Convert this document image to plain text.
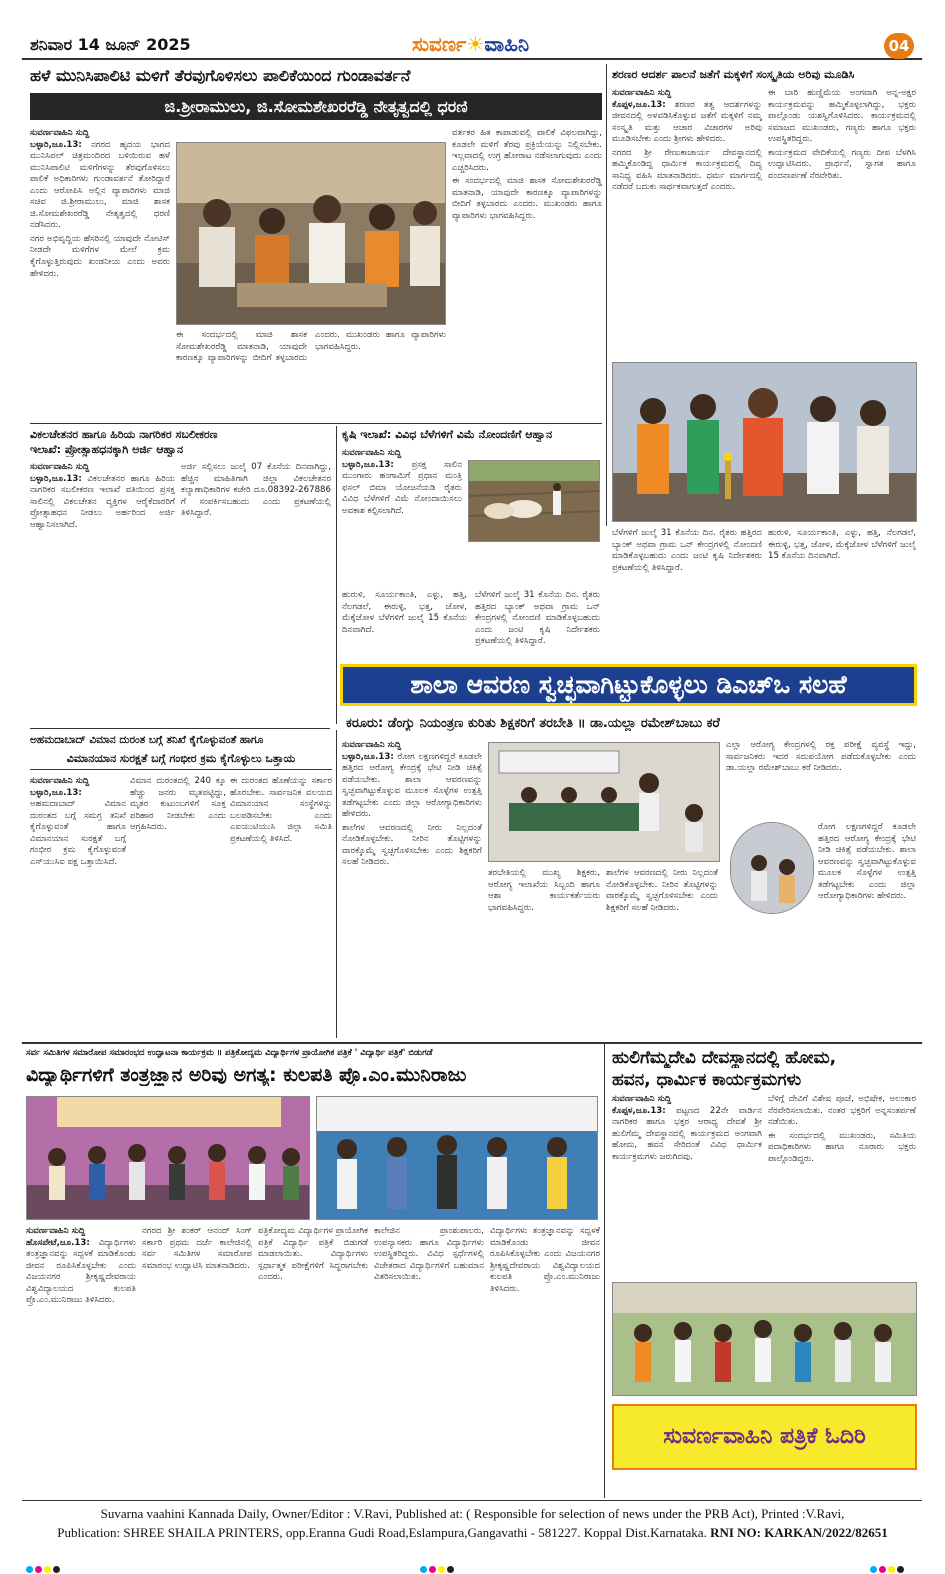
ಶನಿವಾರ 14 ಜೂನ್ 2025	ಸುವರ್ಣ☀ವಾಹಿನಿ	04
ಹಳೆ ಮುನಿಸಿಪಾಲಿಟಿ ಮಳಿಗೆ ತೆರವುಗೊಳಿಸಲು ಪಾಲಿಕೆಯಿಂದ ಗುಂಡಾವರ್ತನೆ
ಜಿ.ಶ್ರೀರಾಮುಲು, ಜಿ.ಸೋಮಶೇಖರರೆಡ್ಡಿ ನೇತೃತ್ವದಲ್ಲಿ ಧರಣಿ

ಸುವರ್ಣವಾಹಿನಿ ಸುದ್ದಿ
ಬಳ್ಳಾರಿ,ಜೂ.13: ನಗರದ ಹೃದಯ ಭಾಗದ ಮುನಿಸಿಪಲ್ ಚಿತ್ರಮಂದಿರದ ಬಳಿಯಿರುವ ಹಳೆ ಮುನಿಸಿಪಾಲಿಟಿ ಮಳಿಗೆಗಳನ್ನು ತೆರವುಗೊಳಿಸಲು ಪಾಲಿಕೆ ಅಧಿಕಾರಿಗಳು ಗುಂಡಾವರ್ತನೆ ತೋರಿದ್ದಾರೆ ಎಂದು ಆರೋಪಿಸಿ ಅಲ್ಲಿನ ವ್ಯಾಪಾರಿಗಳು ಮಾಜಿ ಸಚಿವ ಜಿ.ಶ್ರೀರಾಮುಲು, ಮಾಜಿ ಶಾಸಕ ಜಿ.ಸೋಮಶೇಖರರೆಡ್ಡಿ ನೇತೃತ್ವದಲ್ಲಿ ಧರಣಿ ನಡೆಸಿದರು.

ನಗರ ಅಭಿವೃದ್ಧಿಯ ಹೆಸರಿನಲ್ಲಿ ಯಾವುದೇ ನೋಟಿಸ್ ನೀಡದೇ ಮಳಿಗೆಗಳ ಮೇಲೆ ಕ್ರಮ ಕೈಗೊಳ್ಳುತ್ತಿರುವುದು ಖಂಡನೀಯ ಎಂದು ಅವರು ಹೇಳಿದರು.

ವರ್ತಕರ ಹಿತ ಕಾಪಾಡುವಲ್ಲಿ ಪಾಲಿಕೆ ವಿಫಲವಾಗಿದ್ದು, ಕೂಡಲೇ ಮಳಿಗೆ ತೆರವು ಪ್ರಕ್ರಿಯೆಯನ್ನು ನಿಲ್ಲಿಸಬೇಕು. ಇಲ್ಲವಾದಲ್ಲಿ ಉಗ್ರ ಹೋರಾಟ ನಡೆಸಲಾಗುವುದು ಎಂದು ಎಚ್ಚರಿಸಿದರು.

ಈ ಸಂದರ್ಭದಲ್ಲಿ ಮಾಜಿ ಶಾಸಕ ಸೋಮಶೇಖರರೆಡ್ಡಿ ಮಾತನಾಡಿ, ಯಾವುದೇ ಕಾರಣಕ್ಕೂ ವ್ಯಾಪಾರಿಗಳನ್ನು ಬೀದಿಗೆ ತಳ್ಳಬಾರದು ಎಂದರು. ಮುಖಂಡರು ಹಾಗೂ ವ್ಯಾಪಾರಿಗಳು ಭಾಗವಹಿಸಿದ್ದರು.

ಈ ಸಂದರ್ಭದಲ್ಲಿ ಮಾಜಿ ಶಾಸಕ ಸೋಮಶೇಖರರೆಡ್ಡಿ ಮಾತನಾಡಿ, ಯಾವುದೇ ಕಾರಣಕ್ಕೂ ವ್ಯಾಪಾರಿಗಳನ್ನು ಬೀದಿಗೆ ತಳ್ಳಬಾರದು ಎಂದರು. ಮುಖಂಡರು ಹಾಗೂ ವ್ಯಾಪಾರಿಗಳು ಭಾಗವಹಿಸಿದ್ದರು.

ಶರಣರ ಆದರ್ಶ ಪಾಲನೆ ಜತೆಗೆ ಮಕ್ಕಳಿಗೆ ಸಂಸ್ಕೃತಿಯ ಅರಿವು ಮೂಡಿಸಿ

ಸುವರ್ಣವಾಹಿನಿ ಸುದ್ದಿ
ಕೊಪ್ಪಳ,ಜೂ.13: ಶರಣರ ತತ್ವ ಆದರ್ಶಗಳನ್ನು ಜೀವನದಲ್ಲಿ ಅಳವಡಿಸಿಕೊಳ್ಳುವ ಜತೆಗೆ ಮಕ್ಕಳಿಗೆ ನಮ್ಮ ಸಂಸ್ಕೃತಿ ಮತ್ತು ಆಚಾರ ವಿಚಾರಗಳ ಅರಿವು ಮೂಡಿಸಬೇಕು ಎಂದು ಶ್ರೀಗಳು ಹೇಳಿದರು.

ನಗರದ ಶ್ರೀ ರೇಣುಕಾಚಾರ್ಯ ದೇವಸ್ಥಾನದಲ್ಲಿ ಹಮ್ಮಿಕೊಂಡಿದ್ದ ಧಾರ್ಮಿಕ ಕಾರ್ಯಕ್ರಮದಲ್ಲಿ ದಿವ್ಯ ಸಾನಿಧ್ಯ ವಹಿಸಿ ಮಾತನಾಡಿದರು. ಧರ್ಮ ಮಾರ್ಗದಲ್ಲಿ ನಡೆದರೆ ಬದುಕು ಸಾರ್ಥಕವಾಗುತ್ತದೆ ಎಂದರು.

ಈ ಬಾರಿ ಹುಣ್ಣಿಮೆಯ ಅಂಗವಾಗಿ ಅನ್ನ-ಅಕ್ಷರ ಕಾರ್ಯಕ್ರಮವನ್ನು ಹಮ್ಮಿಕೊಳ್ಳಲಾಗಿದ್ದು, ಭಕ್ತರು ಪಾಲ್ಗೊಂಡು ಯಶಸ್ವಿಗೊಳಿಸಿದರು. ಕಾರ್ಯಕ್ರಮದಲ್ಲಿ ಸಮಾಜದ ಮುಖಂಡರು, ಗಣ್ಯರು ಹಾಗೂ ಭಕ್ತರು ಉಪಸ್ಥಿತರಿದ್ದರು.

ಕಾರ್ಯಕ್ರಮದ ವೇದಿಕೆಯಲ್ಲಿ ಗಣ್ಯರು ದೀಪ ಬೆಳಗಿಸಿ ಉದ್ಘಾಟಿಸಿದರು. ಪ್ರಾರ್ಥನೆ, ಸ್ವಾಗತ ಹಾಗೂ ವಂದನಾರ್ಪಣೆ ನೆರವೇರಿತು.

ವಿಕಲಚೇತನರ ಹಾಗೂ ಹಿರಿಯ ನಾಗರಿಕರ ಸಬಲೀಕರಣ
ಇಲಾಖೆ: ಪ್ರೋತ್ಸಾಹಧನಕ್ಕಾಗಿ ಅರ್ಜಿ ಆಹ್ವಾನ

ಸುವರ್ಣವಾಹಿನಿ ಸುದ್ದಿ
ಬಳ್ಳಾರಿ,ಜೂ.13: ವಿಕಲಚೇತನರ ಹಾಗೂ ಹಿರಿಯ ನಾಗರಿಕರ ಸಬಲೀಕರಣ ಇಲಾಖೆ ವತಿಯಿಂದ ಪ್ರಸಕ್ತ ಸಾಲಿನಲ್ಲಿ ವಿಕಲಚೇತನ ವ್ಯಕ್ತಿಗಳ ಆರೈಕೆದಾರರಿಗೆ ಪ್ರೋತ್ಸಾಹಧನ ನೀಡಲು ಅರ್ಹರಿಂದ ಅರ್ಜಿ ಆಹ್ವಾನಿಸಲಾಗಿದೆ.

ಅರ್ಜಿ ಸಲ್ಲಿಸಲು ಜುಲೈ 07 ಕೊನೆಯ ದಿನವಾಗಿದ್ದು, ಹೆಚ್ಚಿನ ಮಾಹಿತಿಗಾಗಿ ಜಿಲ್ಲಾ ವಿಕಲಚೇತನರ ಕಲ್ಯಾಣಾಧಿಕಾರಿಗಳ ಕಚೇರಿ ದೂ.08392-267886 ಗೆ ಸಂಪರ್ಕಿಸಬಹುದು ಎಂದು ಪ್ರಕಟಣೆಯಲ್ಲಿ ತಿಳಿಸಿದ್ದಾರೆ.

ಕೃಷಿ ಇಲಾಖೆ: ವಿವಿಧ ಬೆಳೆಗಳಿಗೆ ವಿಮೆ ನೋಂದಣಿಗೆ ಆಹ್ವಾನ

ಸುವರ್ಣವಾಹಿನಿ ಸುದ್ದಿ
ಬಳ್ಳಾರಿ,ಜೂ.13: ಪ್ರಸಕ್ತ ಸಾಲಿನ ಮುಂಗಾರು ಹಂಗಾಮಿಗೆ ಪ್ರಧಾನ ಮಂತ್ರಿ ಫಸಲ್ ಬಿಮಾ ಯೋಜನೆಯಡಿ ರೈತರು ವಿವಿಧ ಬೆಳೆಗಳಿಗೆ ವಿಮೆ ನೋಂದಾಯಿಸಲು ಅವಕಾಶ ಕಲ್ಪಿಸಲಾಗಿದೆ.

ಹುರುಳಿ, ಸೂರ್ಯಕಾಂತಿ, ಎಳ್ಳು, ಹತ್ತಿ, ನೆಲಗಡಲೆ, ಈರುಳ್ಳಿ, ಭತ್ತ, ಜೋಳ, ಮೆಕ್ಕೆಜೋಳ ಬೆಳೆಗಳಿಗೆ ಜುಲೈ 15 ಕೊನೆಯ ದಿನವಾಗಿದೆ.

ಬೆಳೆಗಳಿಗೆ ಜುಲೈ 31 ಕೊನೆಯ ದಿನ. ರೈತರು ಹತ್ತಿರದ ಬ್ಯಾಂಕ್ ಅಥವಾ ಗ್ರಾಮ ಒನ್ ಕೇಂದ್ರಗಳಲ್ಲಿ ನೋಂದಣಿ ಮಾಡಿಕೊಳ್ಳಬಹುದು ಎಂದು ಜಂಟಿ ಕೃಷಿ ನಿರ್ದೇಶಕರು ಪ್ರಕಟಣೆಯಲ್ಲಿ ತಿಳಿಸಿದ್ದಾರೆ.

ಬೆಳೆಗಳಿಗೆ ಜುಲೈ 31 ಕೊನೆಯ ದಿನ. ರೈತರು ಹತ್ತಿರದ ಬ್ಯಾಂಕ್ ಅಥವಾ ಗ್ರಾಮ ಒನ್ ಕೇಂದ್ರಗಳಲ್ಲಿ ನೋಂದಣಿ ಮಾಡಿಕೊಳ್ಳಬಹುದು ಎಂದು ಜಂಟಿ ಕೃಷಿ ನಿರ್ದೇಶಕರು ಪ್ರಕಟಣೆಯಲ್ಲಿ ತಿಳಿಸಿದ್ದಾರೆ.

ಹುರುಳಿ, ಸೂರ್ಯಕಾಂತಿ, ಎಳ್ಳು, ಹತ್ತಿ, ನೆಲಗಡಲೆ, ಈರುಳ್ಳಿ, ಭತ್ತ, ಜೋಳ, ಮೆಕ್ಕೆಜೋಳ ಬೆಳೆಗಳಿಗೆ ಜುಲೈ 15 ಕೊನೆಯ ದಿನವಾಗಿದೆ.

ಶಾಲಾ ಆವರಣ ಸ್ವಚ್ಛವಾಗಿಟ್ಟುಕೊಳ್ಳಲು ಡಿಎಚ್‌ಒ ಸಲಹೆ
ಕರೂರು: ಡೆಂಗ್ಯು ನಿಯಂತ್ರಣ ಕುರಿತು ಶಿಕ್ಷಕರಿಗೆ ತರಬೇತಿ ॥ ಡಾ.ಯಲ್ಲಾ ರಮೇಶ್‌ಬಾಬು ಕರೆ

ಸುವರ್ಣವಾಹಿನಿ ಸುದ್ದಿ
ಬಳ್ಳಾರಿ,ಜೂ.13: ರೋಗ ಲಕ್ಷಣಗಳಿದ್ದರೆ ಕೂಡಲೇ ಹತ್ತಿರದ ಆರೋಗ್ಯ ಕೇಂದ್ರಕ್ಕೆ ಭೇಟಿ ನೀಡಿ ಚಿಕಿತ್ಸೆ ಪಡೆಯಬೇಕು. ಶಾಲಾ ಆವರಣವನ್ನು ಸ್ವಚ್ಛವಾಗಿಟ್ಟುಕೊಳ್ಳುವ ಮೂಲಕ ಸೊಳ್ಳೆಗಳ ಉತ್ಪತ್ತಿ ತಡೆಗಟ್ಟಬೇಕು ಎಂದು ಜಿಲ್ಲಾ ಆರೋಗ್ಯಾಧಿಕಾರಿಗಳು ಹೇಳಿದರು.

ಶಾಲೆಗಳ ಆವರಣದಲ್ಲಿ ನೀರು ನಿಲ್ಲದಂತೆ ನೋಡಿಕೊಳ್ಳಬೇಕು. ನೀರಿನ ತೊಟ್ಟಿಗಳನ್ನು ವಾರಕ್ಕೊಮ್ಮೆ ಸ್ವಚ್ಛಗೊಳಿಸಬೇಕು ಎಂದು ಶಿಕ್ಷಕರಿಗೆ ಸಲಹೆ ನೀಡಿದರು.

ತರಬೇತಿಯಲ್ಲಿ ಮುಖ್ಯ ಶಿಕ್ಷಕರು, ಆರೋಗ್ಯ ಇಲಾಖೆಯ ಸಿಬ್ಬಂದಿ ಹಾಗೂ ಆಶಾ ಕಾರ್ಯಕರ್ತೆಯರು ಭಾಗವಹಿಸಿದ್ದರು.

ಶಾಲೆಗಳ ಆವರಣದಲ್ಲಿ ನೀರು ನಿಲ್ಲದಂತೆ ನೋಡಿಕೊಳ್ಳಬೇಕು. ನೀರಿನ ತೊಟ್ಟಿಗಳನ್ನು ವಾರಕ್ಕೊಮ್ಮೆ ಸ್ವಚ್ಛಗೊಳಿಸಬೇಕು ಎಂದು ಶಿಕ್ಷಕರಿಗೆ ಸಲಹೆ ನೀಡಿದರು.

ಎಲ್ಲಾ ಆರೋಗ್ಯ ಕೇಂದ್ರಗಳಲ್ಲಿ ರಕ್ತ ಪರೀಕ್ಷೆ ವ್ಯವಸ್ಥೆ ಇದ್ದು, ಸಾರ್ವಜನಿಕರು ಇದರ ಸದುಪಯೋಗ ಪಡೆದುಕೊಳ್ಳಬೇಕು ಎಂದು ಡಾ.ಯಲ್ಲಾ ರಮೇಶ್‌ಬಾಬು ಕರೆ ನೀಡಿದರು.

ರೋಗ ಲಕ್ಷಣಗಳಿದ್ದರೆ ಕೂಡಲೇ ಹತ್ತಿರದ ಆರೋಗ್ಯ ಕೇಂದ್ರಕ್ಕೆ ಭೇಟಿ ನೀಡಿ ಚಿಕಿತ್ಸೆ ಪಡೆಯಬೇಕು. ಶಾಲಾ ಆವರಣವನ್ನು ಸ್ವಚ್ಛವಾಗಿಟ್ಟುಕೊಳ್ಳುವ ಮೂಲಕ ಸೊಳ್ಳೆಗಳ ಉತ್ಪತ್ತಿ ತಡೆಗಟ್ಟಬೇಕು ಎಂದು ಜಿಲ್ಲಾ ಆರೋಗ್ಯಾಧಿಕಾರಿಗಳು ಹೇಳಿದರು.

ಅಹಮದಾಬಾದ್ ವಿಮಾನ ದುರಂತ ಬಗ್ಗೆ ತನಿಖೆ ಕೈಗೊಳ್ಳುವಂತೆ ಹಾಗೂ
ವಿಮಾನಯಾನ ಸುರಕ್ಷತೆ ಬಗ್ಗೆ ಗಂಭೀರ ಕ್ರಮ ಕೈಗೊಳ್ಳುಲು ಒತ್ತಾಯ

ಸುವರ್ಣವಾಹಿನಿ ಸುದ್ದಿ
ಬಳ್ಳಾರಿ,ಜೂ.13: ಅಹಮದಾಬಾದ್ ವಿಮಾನ ದುರಂತದ ಬಗ್ಗೆ ಸಮಗ್ರ ತನಿಖೆ ಕೈಗೊಳ್ಳುವಂತೆ ಹಾಗೂ ವಿಮಾನಯಾನ ಸುರಕ್ಷತೆ ಬಗ್ಗೆ ಗಂಭೀರ ಕ್ರಮ ಕೈಗೊಳ್ಳುವಂತೆ ಎಸ್‌ಯುಸಿಐ ಪಕ್ಷ ಒತ್ತಾಯಿಸಿದೆ.

ವಿಮಾನ ದುರಂತದಲ್ಲಿ 240 ಕ್ಕೂ ಹೆಚ್ಚು ಜನರು ಮೃತಪಟ್ಟಿದ್ದು, ಮೃತರ ಕುಟುಂಬಗಳಿಗೆ ಸೂಕ್ತ ಪರಿಹಾರ ನೀಡಬೇಕು ಎಂದು ಆಗ್ರಹಿಸಿದರು.

ಈ ದುರಂತದ ಹೊಣೆಯನ್ನು ಸರ್ಕಾರ ಹೊರಬೇಕು. ಸಾರ್ವಜನಿಕ ವಲಯದ ವಿಮಾನಯಾನ ಸಂಸ್ಥೆಗಳನ್ನು ಬಲಪಡಿಸಬೇಕು ಎಂದು ಎಐಯುಟಿಯುಸಿ ಜಿಲ್ಲಾ ಸಮಿತಿ ಪ್ರಕಟಣೆಯಲ್ಲಿ ತಿಳಿಸಿದೆ.

ಸರ್ವ ಸಮಿತಿಗಳ ಸಮಾರೋಪ ಸಮಾರಂಭದ ಉದ್ಘಾಟನಾ ಕಾರ್ಯಕ್ರಮ ॥ ಪತ್ರಿಕೋದ್ಯಮ ವಿದ್ಯಾರ್ಥಿಗಳ ಪ್ರಾಯೋಗಿಕ ಪತ್ರಿಕೆ ' ವಿದ್ಯಾರ್ಥಿ ಪತ್ರಿಕೆ' ಬಿಡುಗಡೆ
ವಿದ್ಯಾರ್ಥಿಗಳಿಗೆ ತಂತ್ರಜ್ಞಾನ ಅರಿವು ಅಗತ್ಯ: ಕುಲಪತಿ ಪ್ರೊ.ಎಂ.ಮುನಿರಾಜು

ಸುವರ್ಣವಾಹಿನಿ ಸುದ್ದಿ
ಹೊಸಪೇಟೆ,ಜೂ.13: ವಿದ್ಯಾರ್ಥಿಗಳು ತಂತ್ರಜ್ಞಾನವನ್ನು ಸದ್ಬಳಕೆ ಮಾಡಿಕೊಂಡು ಜೀವನ ರೂಪಿಸಿಕೊಳ್ಳಬೇಕು ಎಂದು ವಿಜಯನಗರ ಶ್ರೀಕೃಷ್ಣದೇವರಾಯ ವಿಶ್ವವಿದ್ಯಾಲಯದ ಕುಲಪತಿ ಪ್ರೊ.ಎಂ.ಮುನಿರಾಜು ತಿಳಿಸಿದರು.

ನಗರದ ಶ್ರೀ ಶಂಕರ್ ಆನಂದ್ ಸಿಂಗ್ ಸರ್ಕಾರಿ ಪ್ರಥಮ ದರ್ಜೆ ಕಾಲೇಜಿನಲ್ಲಿ ಸರ್ವ ಸಮಿತಿಗಳ ಸಮಾರೋಪ ಸಮಾರಂಭ ಉದ್ಘಾಟಿಸಿ ಮಾತನಾಡಿದರು.

ಪತ್ರಿಕೋದ್ಯಮ ವಿದ್ಯಾರ್ಥಿಗಳ ಪ್ರಾಯೋಗಿಕ ಪತ್ರಿಕೆ ವಿದ್ಯಾರ್ಥಿ ಪತ್ರಿಕೆ ಬಿಡುಗಡೆ ಮಾಡಲಾಯಿತು. ವಿದ್ಯಾರ್ಥಿಗಳು ಸ್ಪರ್ಧಾತ್ಮಕ ಪರೀಕ್ಷೆಗಳಿಗೆ ಸಿದ್ಧರಾಗಬೇಕು ಎಂದರು.

ಕಾಲೇಜಿನ ಪ್ರಾಂಶುಪಾಲರು, ಉಪನ್ಯಾಸಕರು ಹಾಗೂ ವಿದ್ಯಾರ್ಥಿಗಳು ಉಪಸ್ಥಿತರಿದ್ದರು. ವಿವಿಧ ಸ್ಪರ್ಧೆಗಳಲ್ಲಿ ವಿಜೇತರಾದ ವಿದ್ಯಾರ್ಥಿಗಳಿಗೆ ಬಹುಮಾನ ವಿತರಿಸಲಾಯಿತು.

ವಿದ್ಯಾರ್ಥಿಗಳು ತಂತ್ರಜ್ಞಾನವನ್ನು ಸದ್ಬಳಕೆ ಮಾಡಿಕೊಂಡು ಜೀವನ ರೂಪಿಸಿಕೊಳ್ಳಬೇಕು ಎಂದು ವಿಜಯನಗರ ಶ್ರೀಕೃಷ್ಣದೇವರಾಯ ವಿಶ್ವವಿದ್ಯಾಲಯದ ಕುಲಪತಿ ಪ್ರೊ.ಎಂ.ಮುನಿರಾಜು ತಿಳಿಸಿದರು.

ಹುಲಿಗೆಮ್ಮದೇವಿ ದೇವಸ್ಥಾನದಲ್ಲಿ ಹೋಮ,
ಹವನ, ಧಾರ್ಮಿಕ ಕಾರ್ಯಕ್ರಮಗಳು

ಸುವರ್ಣವಾಹಿನಿ ಸುದ್ದಿ
ಕೊಪ್ಪಳ,ಜೂ.13: ಪಟ್ಟಣದ 22ನೇ ವಾರ್ಡಿನ ನಾಗರಿಕರ ಹಾಗೂ ಭಕ್ತರ ಆರಾಧ್ಯ ದೇವತೆ ಶ್ರೀ ಹುಲಿಗೆಮ್ಮ ದೇವಸ್ಥಾನದಲ್ಲಿ ಕಾರ್ಯಕ್ರಮದ ಅಂಗವಾಗಿ ಹೋಮ, ಹವನ ಸೇರಿದಂತೆ ವಿವಿಧ ಧಾರ್ಮಿಕ ಕಾರ್ಯಕ್ರಮಗಳು ಜರುಗಿದವು.

ಬೆಳಿಗ್ಗೆ ದೇವಿಗೆ ವಿಶೇಷ ಪೂಜೆ, ಅಭಿಷೇಕ, ಅಲಂಕಾರ ನೆರವೇರಿಸಲಾಯಿತು. ನಂತರ ಭಕ್ತರಿಗೆ ಅನ್ನಸಂತರ್ಪಣೆ ನಡೆಯಿತು.

ಈ ಸಂದರ್ಭದಲ್ಲಿ ಮುಖಂಡರು, ಸಮಿತಿಯ ಪದಾಧಿಕಾರಿಗಳು ಹಾಗೂ ನೂರಾರು ಭಕ್ತರು ಪಾಲ್ಗೊಂಡಿದ್ದರು.

ಸುವರ್ಣವಾಹಿನಿ ಪತ್ರಿಕೆ ಓದಿರಿ
Suvarna vaahini Kannada Daily, Owner/Editor : V.Ravi, Published at: ( Responsible for selection of news under the PRB Act), Printed :V.Ravi,
Publication: SHREE SHAILA PRINTERS, opp.Eranna Gudi Road,Eslampura,Gangavathi - 581227. Koppal Dist.Karnataka. RNI NO: KARKAN/2022/82651
